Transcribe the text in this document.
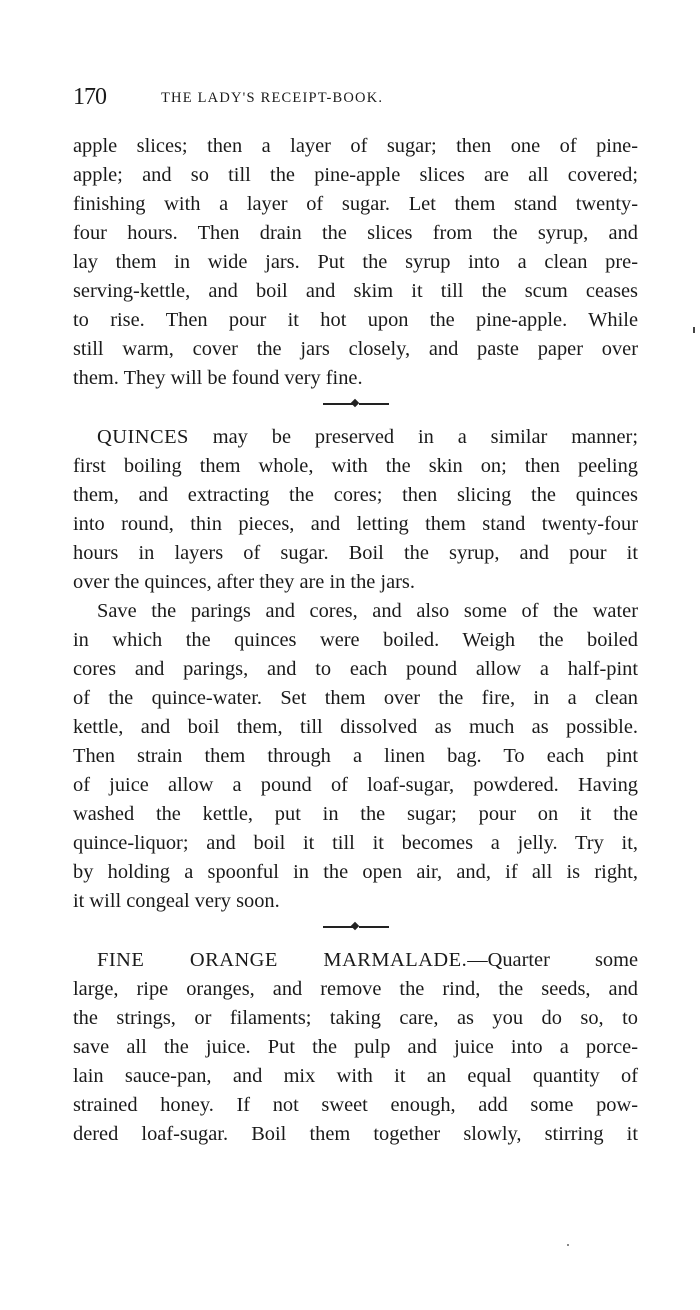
170	THE LADY'S RECEIPT-BOOK.
apple slices; then a layer of sugar; then one of pine-
apple; and so till the pine-apple slices are all covered;
finishing with a layer of sugar. Let them stand twenty-
four hours. Then drain the slices from the syrup, and
lay them in wide jars. Put the syrup into a clean pre-
serving-kettle, and boil and skim it till the scum ceases
to rise. Then pour it hot upon the pine-apple. While
still warm, cover the jars closely, and paste paper over
them. They will be found very fine.
QUINCES may be preserved in a similar manner;
first boiling them whole, with the skin on; then peeling
them, and extracting the cores; then slicing the quinces
into round, thin pieces, and letting them stand twenty-four
hours in layers of sugar. Boil the syrup, and pour it
over the quinces, after they are in the jars.
Save the parings and cores, and also some of the water
in which the quinces were boiled. Weigh the boiled
cores and parings, and to each pound allow a half-pint
of the quince-water. Set them over the fire, in a clean
kettle, and boil them, till dissolved as much as possible.
Then strain them through a linen bag. To each pint
of juice allow a pound of loaf-sugar, powdered. Having
washed the kettle, put in the sugar; pour on it the
quince-liquor; and boil it till it becomes a jelly. Try it,
by holding a spoonful in the open air, and, if all is right,
it will congeal very soon.
FINE ORANGE MARMALADE.—Quarter some
large, ripe oranges, and remove the rind, the seeds, and
the strings, or filaments; taking care, as you do so, to
save all the juice. Put the pulp and juice into a porce-
lain sauce-pan, and mix with it an equal quantity of
strained honey. If not sweet enough, add some pow-
dered loaf-sugar. Boil them together slowly, stirring it
